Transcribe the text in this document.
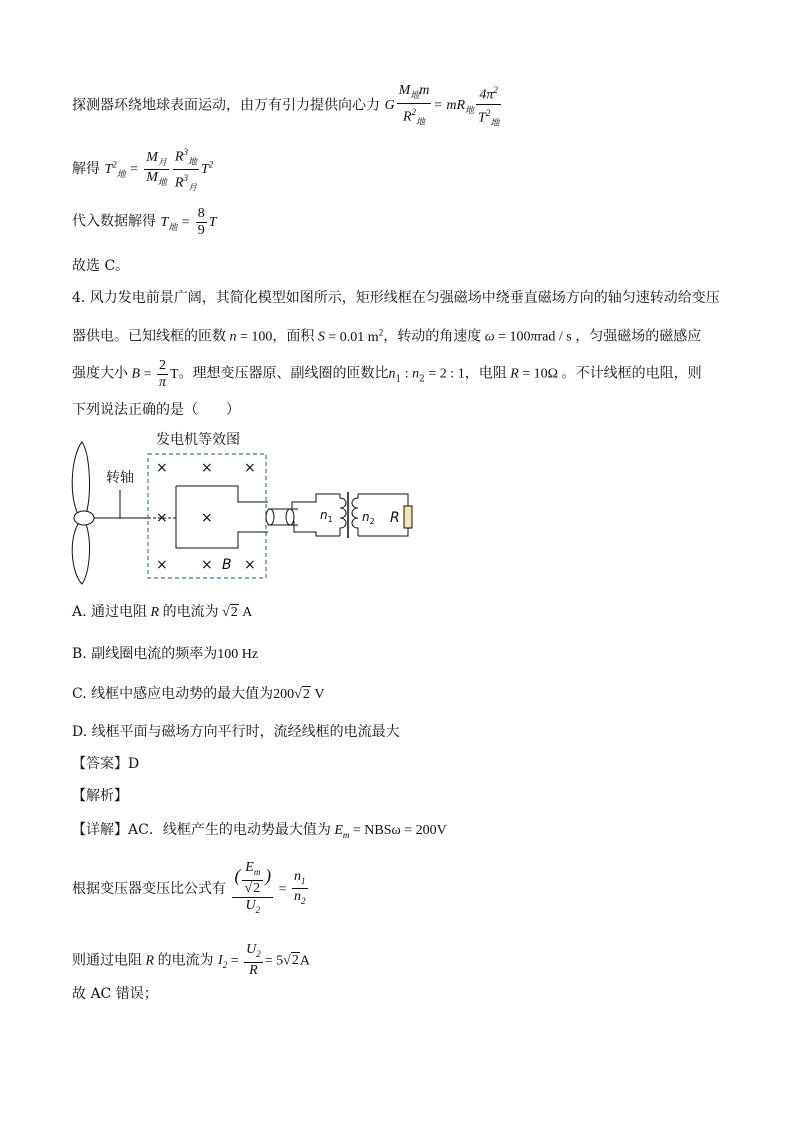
探测器环绕地球表面运动，由万有引力提供向心力 G $\frac{M_地m}{R^2_地} = mR_地 \frac{4\pi^2}{T^2_地}$
解得 $T^2_地 = \frac{M_月}{M_地} \frac{R^3_地}{R^3_月} T^2$
代入数据解得 $T_地 = \frac{8}{9}$ T
故选 C。
4. 风力发电前景广阔，其简化模型如图所示，矩形线框在匀强磁场中绕垂直磁场方向的轴匀速转动给变压
器供电。已知线框的匝数 n = 100，面积 S = 0.01 $m^2$，转动的角速度 ω = 100πrad / s ，匀强磁场的磁感应
强度大小 $B = \frac{2}{\pi}$ T。理想变压器原、副线圈的匝数比$n_1$ : $n_2 = 2$ : 1，电阻 R = 10Ω 。不计线框的电阻，则
下列说法正确的是（　　）
发电机等效图
转轴
× × ×
× ×
× × ×
B
$n_1$ $n_2$ R
A. 通过电阻 R 的电流为 √2 A
B. 副线圈电流的频率为100 Hz
C. 线框中感应电动势的最大值为200√2 V
D. 线框平面与磁场方向平行时，流经线框的电流最大
【答案】D
【解析】
【详解】AC．线框产生的电动势最大值为 $E_m = NBS\omega = 200V$
根据变压器变压比公式有 $\frac{( \frac{E_m}{√2} )}{U_2} = \frac{n_1}{n_2}$
则通过电阻 R 的电流为 $I_2 = \frac{U_2}{R} = 5√2A$
故 AC 错误；
